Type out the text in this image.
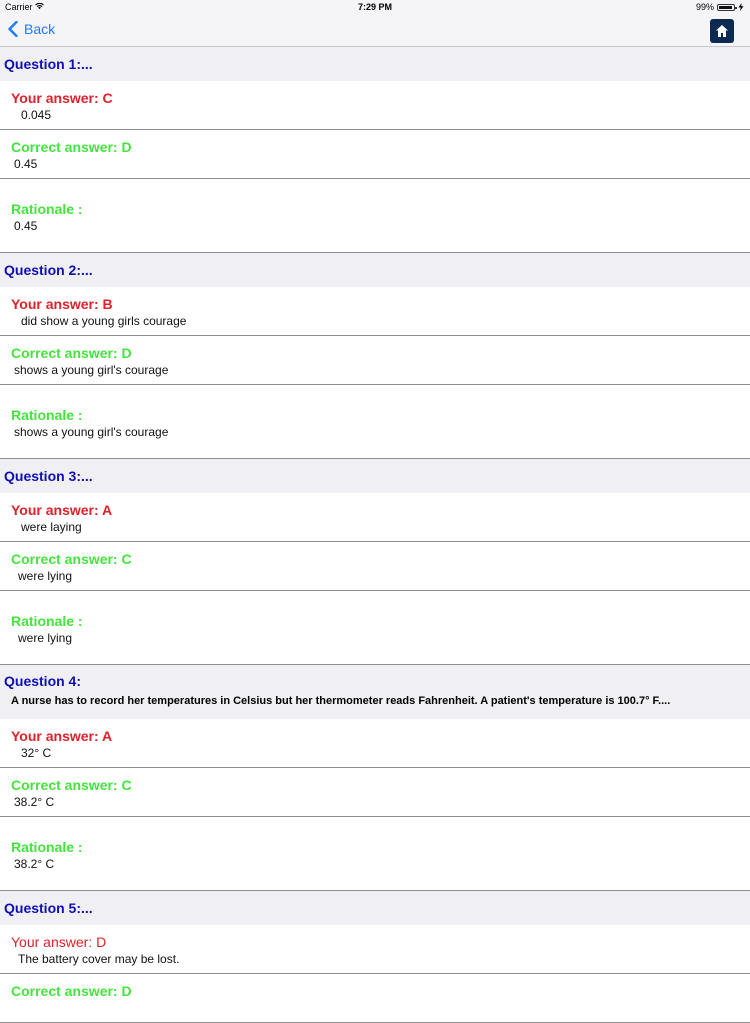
Carrier	7:29 PM	99%
Back
Question 1:...
Your answer: C
0.045
Correct answer: D
0.45
Rationale :
0.45
Question 2:...
Your answer: B
did show a young girls courage
Correct answer: D
shows a young girl's courage
Rationale :
shows a young girl's courage
Question 3:...
Your answer: A
were laying
Correct answer: C
were lying
Rationale :
were lying
Question 4:
A nurse has to record her temperatures in Celsius but her thermometer reads Fahrenheit. A patient's temperature is 100.7° F....
Your answer: A
32° C
Correct answer: C
38.2° C
Rationale :
38.2° C
Question 5:...
Your answer: D
The battery cover may be lost.
Correct answer: D
